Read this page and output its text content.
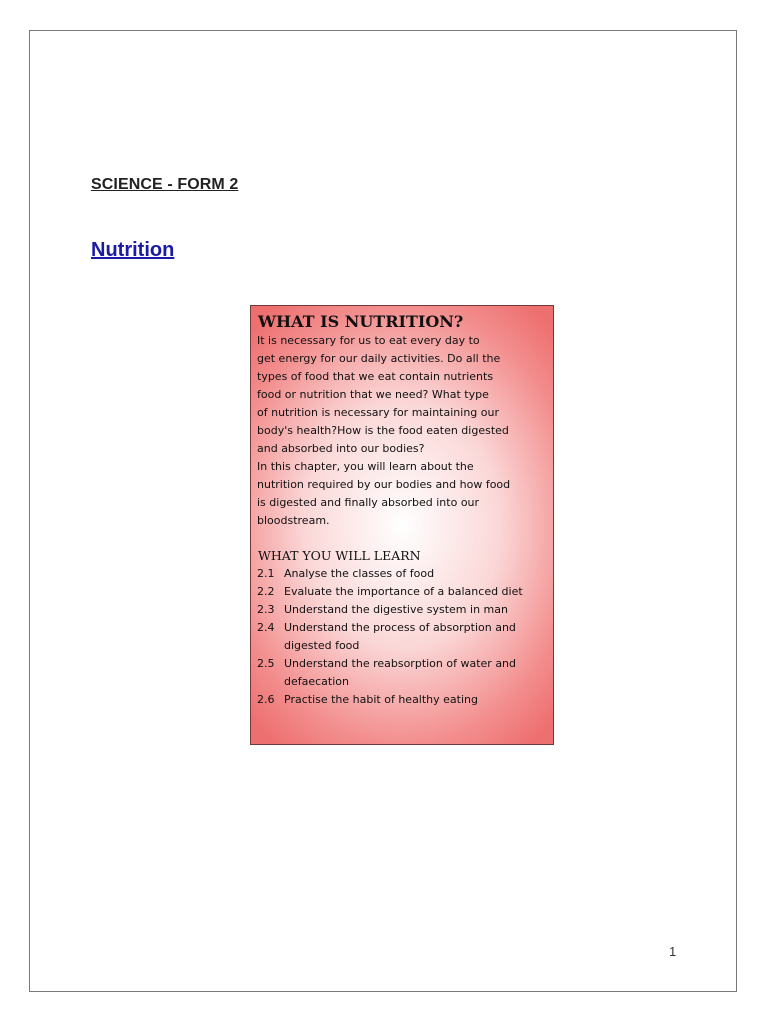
SCIENCE - FORM 2
Nutrition
WHAT IS NUTRITION?

It is necessary for us to eat every day to
get energy for our daily activities. Do all the
types of food that we eat contain nutrients
food or nutrition that we need? What type
of nutrition is necessary for maintaining our
body's health?How is the food eaten digested
and absorbed into our bodies?

In this chapter, you will learn about the
nutrition required by our bodies and how food
is digested and finally absorbed into our
bloodstream.

WHAT YOU WILL LEARN
2.1 Analyse the classes of food
2.2 Evaluate the importance of a balanced diet
2.3 Understand the digestive system in man
2.4 Understand the process of absorption and digested food
2.5 Understand the reabsorption of water and defaecation
2.6 Practise the habit of healthy eating
1
